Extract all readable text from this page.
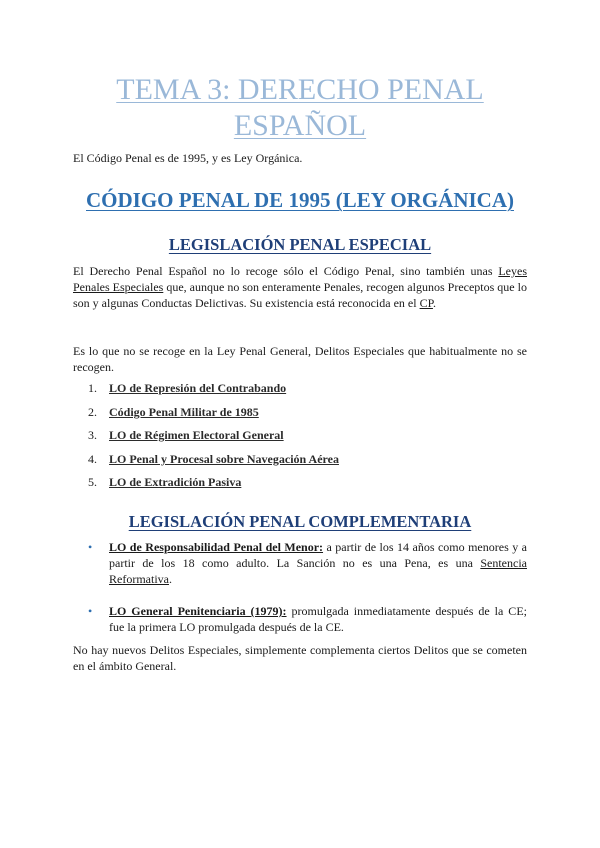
TEMA 3: DERECHO PENAL
ESPAÑOL

El Código Penal es de 1995, y es Ley Orgánica.

CÓDIGO PENAL DE 1995 (LEY ORGÁNICA)
LEGISLACIÓN PENAL ESPECIAL

El Derecho Penal Español no lo recoge sólo el Código Penal, sino también unas Leyes Penales Especiales que, aunque no son enteramente Penales, recogen algunos Preceptos que lo son y algunas Conductas Delictivas. Su existencia está reconocida en el CP.

Es lo que no se recoge en la Ley Penal General, Delitos Especiales que habitualmente no se recogen.

1.	LO de Represión del Contrabando
2.	Código Penal Militar de 1985
3.	LO de Régimen Electoral General
4.	LO Penal y Procesal sobre Navegación Aérea
5.	LO de Extradición Pasiva
LEGISLACIÓN PENAL COMPLEMENTARIA
• LO de Responsabilidad Penal del Menor: a partir de los 14 años como menores y a partir de los 18 como adulto. La Sanción no es una Pena, es una Sentencia Reformativa.
• LO General Penitenciaria (1979): promulgada inmediatamente después de la CE; fue la primera LO promulgada después de la CE.

No hay nuevos Delitos Especiales, simplemente complementa ciertos Delitos que se cometen en el ámbito General.
